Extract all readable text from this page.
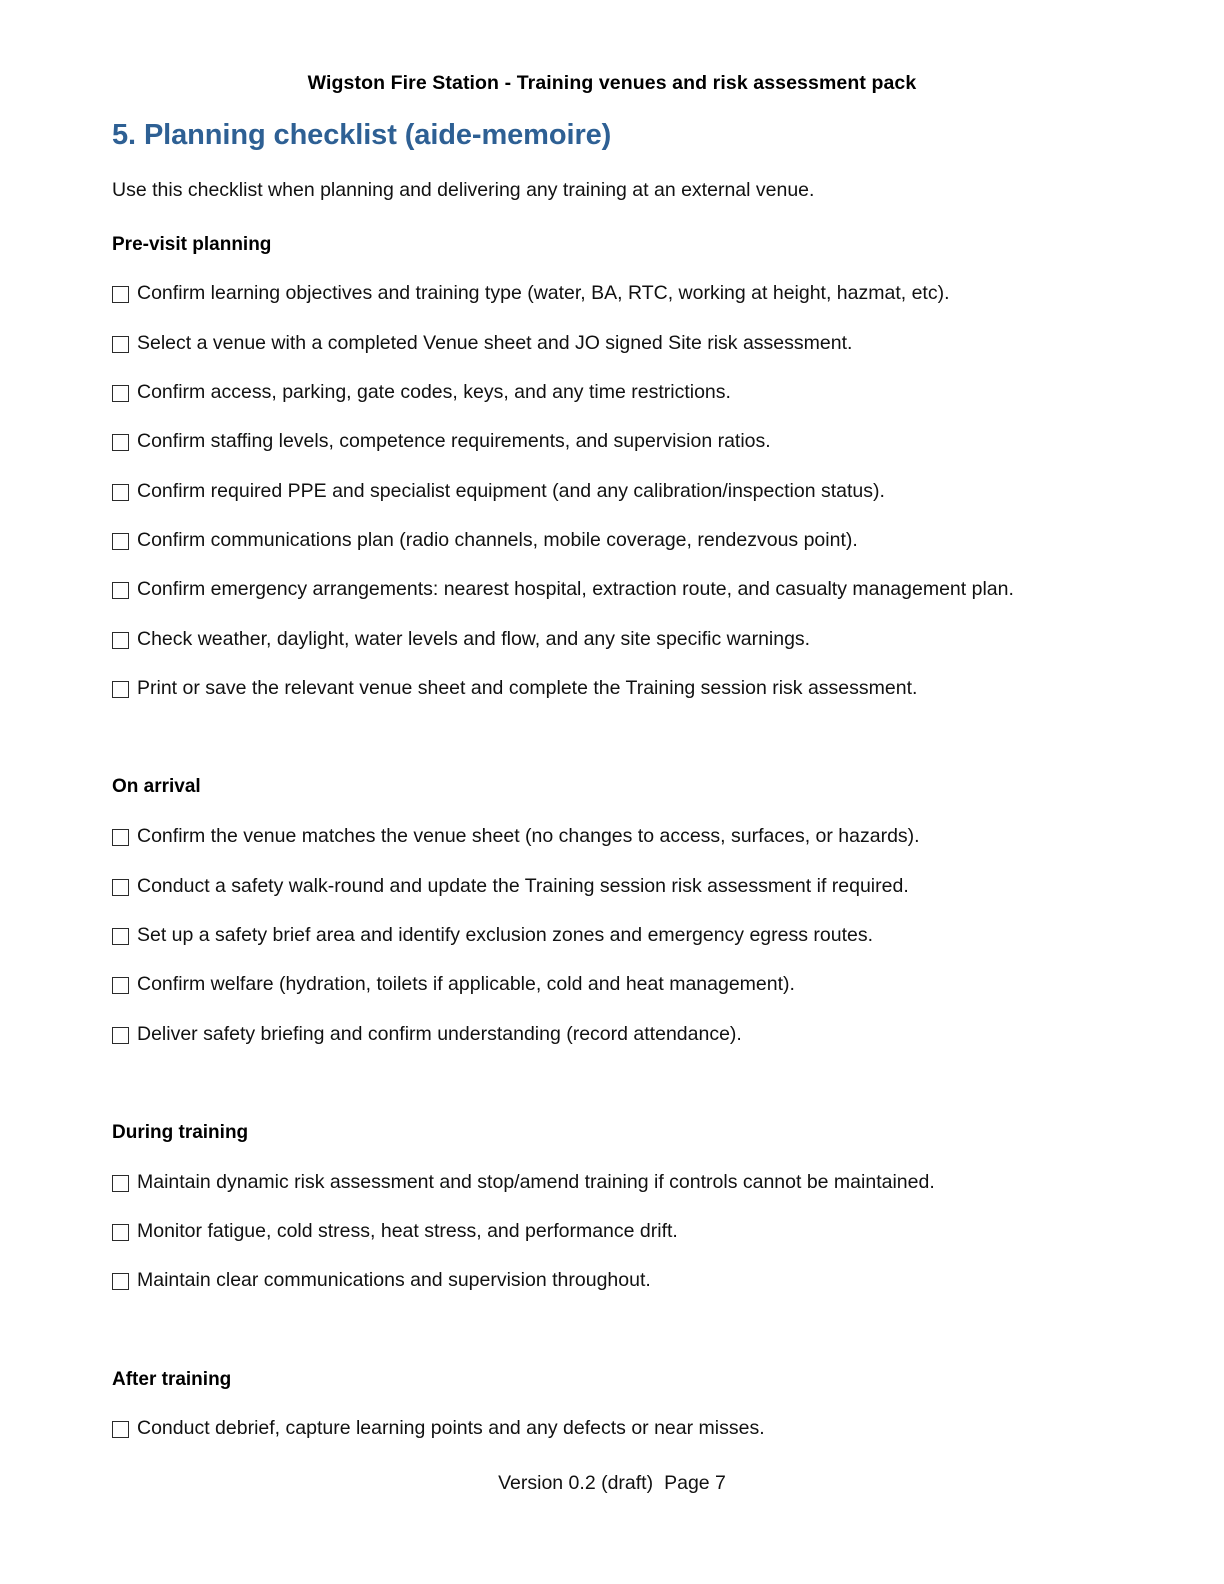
Wigston Fire Station - Training venues and risk assessment pack
5. Planning checklist (aide-memoire)

Use this checklist when planning and delivering any training at an external venue.

Pre-visit planning
Confirm learning objectives and training type (water, BA, RTC, working at height, hazmat, etc).
Select a venue with a completed Venue sheet and JO signed Site risk assessment.
Confirm access, parking, gate codes, keys, and any time restrictions.
Confirm staffing levels, competence requirements, and supervision ratios.
Confirm required PPE and specialist equipment (and any calibration/inspection status).
Confirm communications plan (radio channels, mobile coverage, rendezvous point).
Confirm emergency arrangements: nearest hospital, extraction route, and casualty management plan.
Check weather, daylight, water levels and flow, and any site specific warnings.
Print or save the relevant venue sheet and complete the Training session risk assessment.
On arrival
Confirm the venue matches the venue sheet (no changes to access, surfaces, or hazards).
Conduct a safety walk-round and update the Training session risk assessment if required.
Set up a safety brief area and identify exclusion zones and emergency egress routes.
Confirm welfare (hydration, toilets if applicable, cold and heat management).
Deliver safety briefing and confirm understanding (record attendance).
During training
Maintain dynamic risk assessment and stop/amend training if controls cannot be maintained.
Monitor fatigue, cold stress, heat stress, and performance drift.
Maintain clear communications and supervision throughout.
After training
Conduct debrief, capture learning points and any defects or near misses.
Version 0.2 (draft) Page 7
